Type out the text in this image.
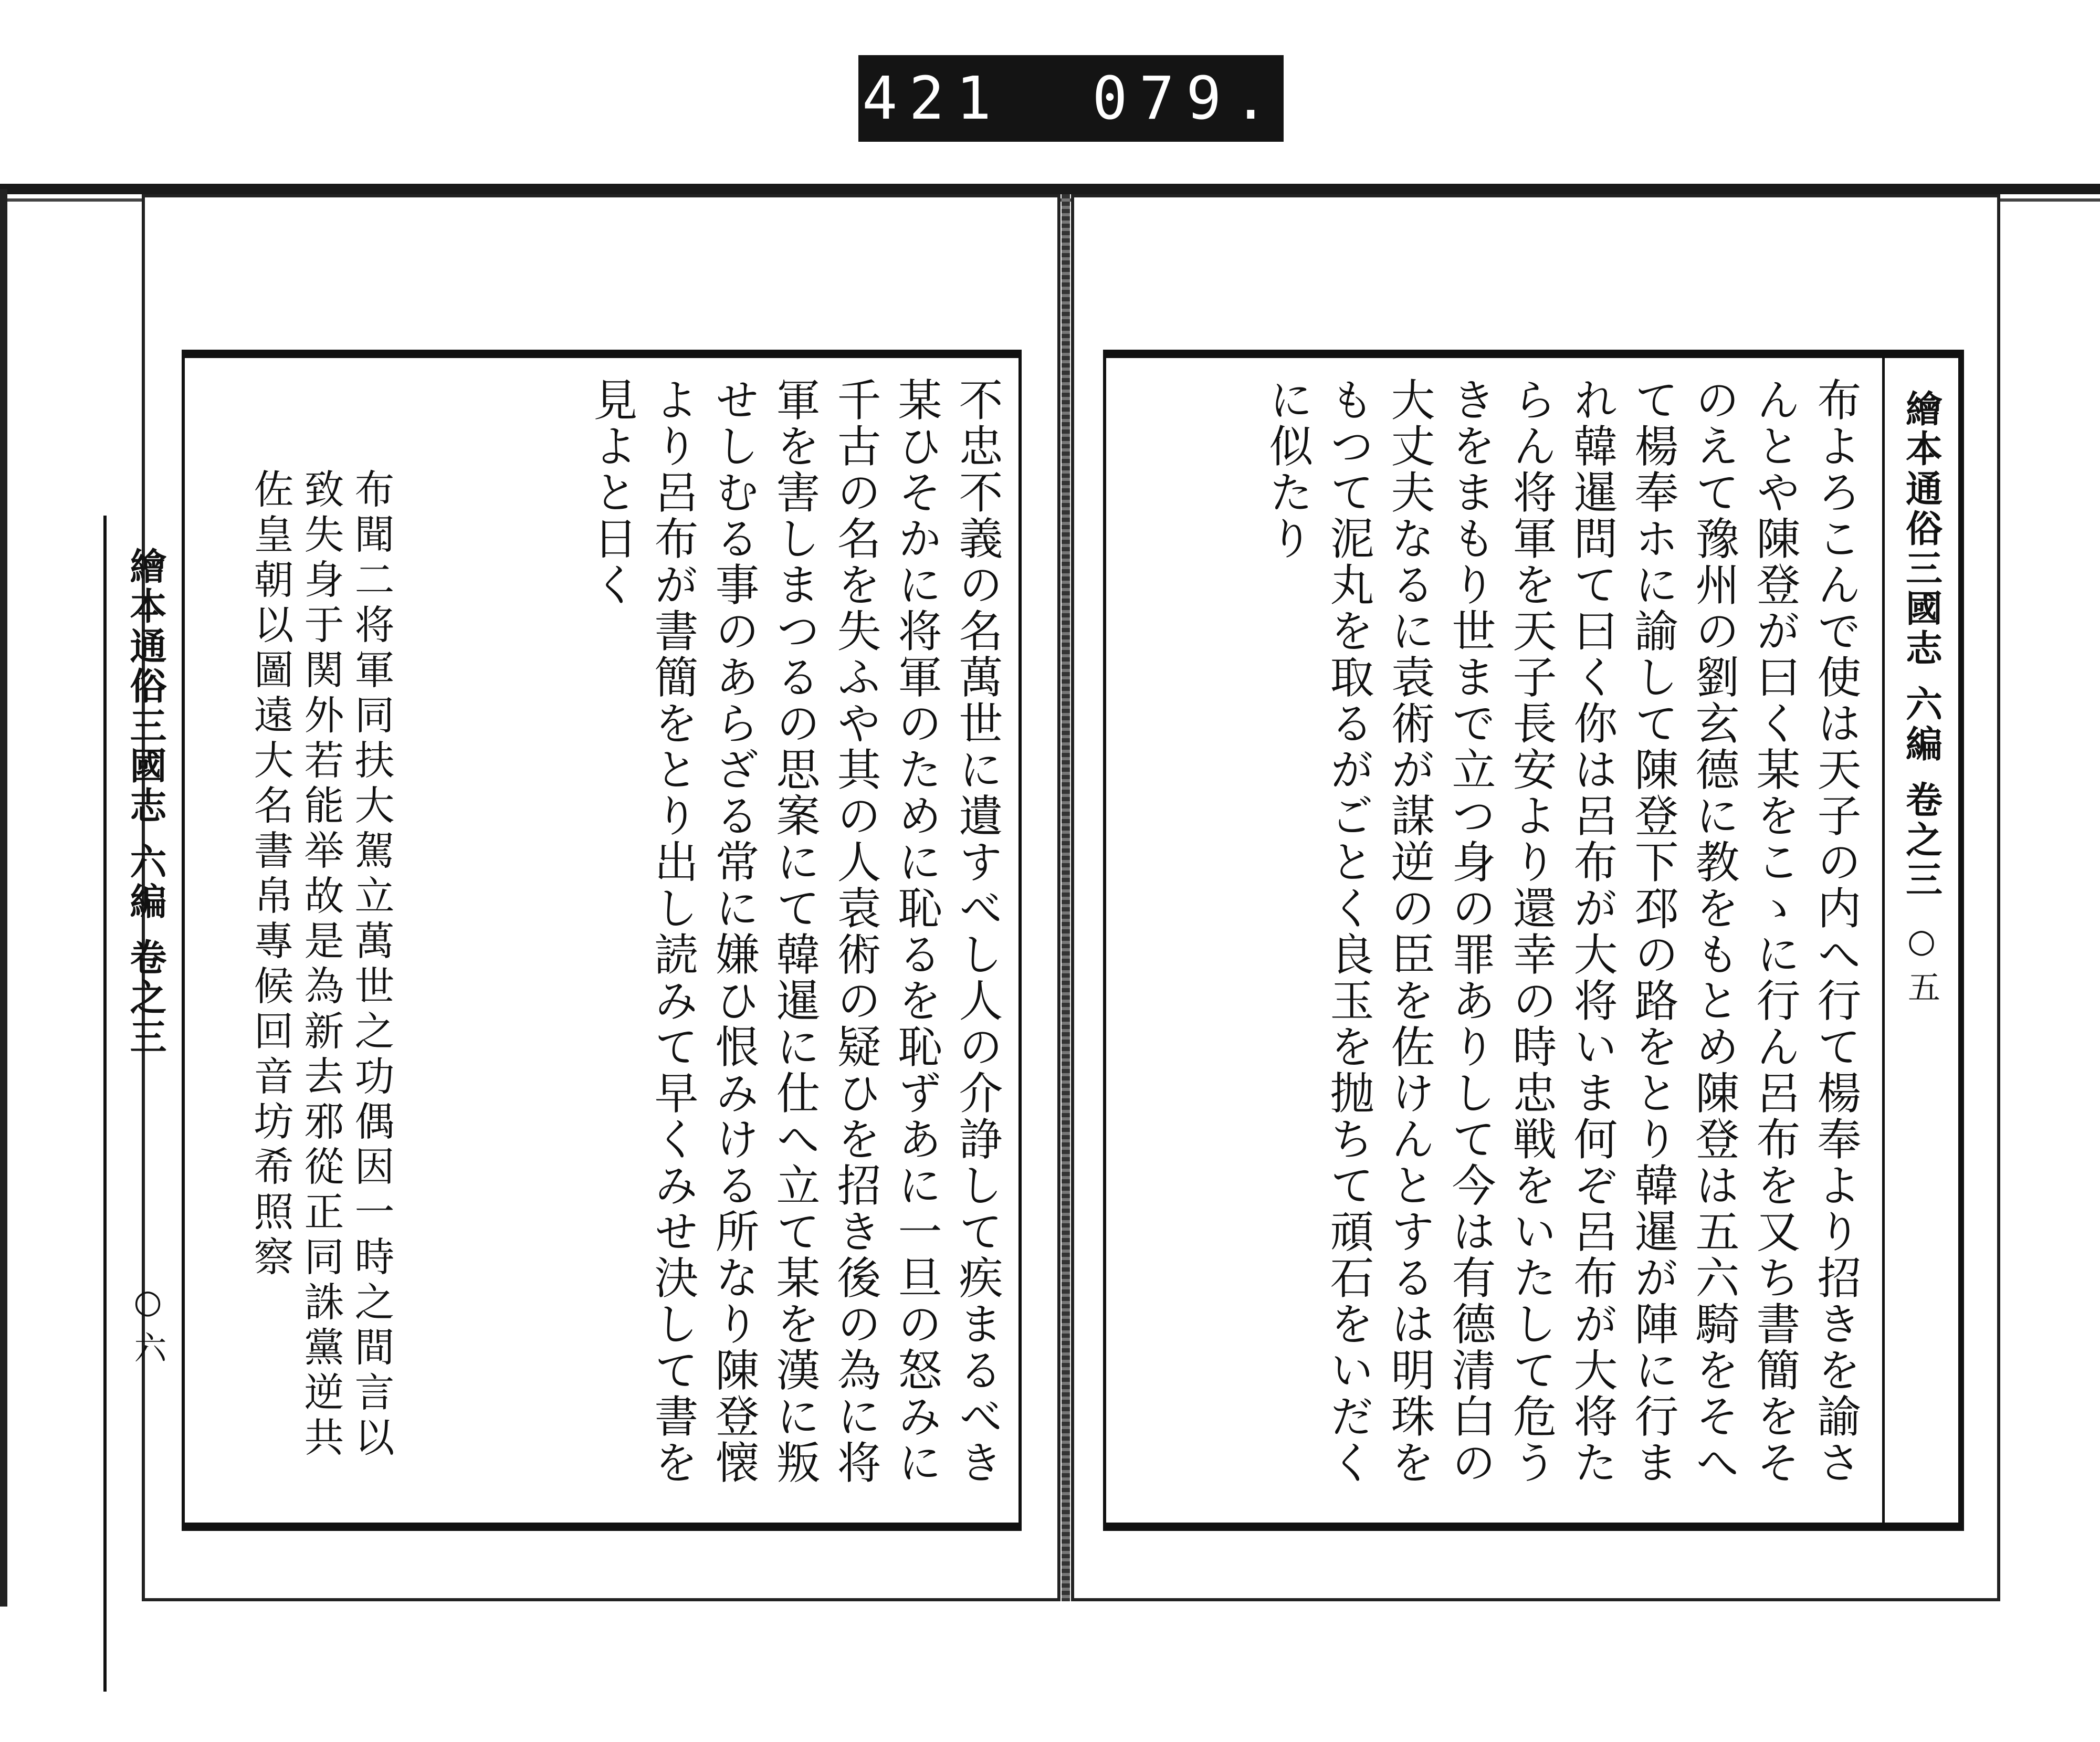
421 079.
繪本通俗三國志 六編 卷之三
○ 六	不忠不義の名萬世に遺すべし人の介諍して疾まるべき某ひそかに将軍のために恥るを恥ずあに一旦の怒みに千古の名を失ふや其の人袁術の疑ひを招き後の為に将軍を害しまつるの思案にて韓暹に仕へ立て某を漢に叛せしむる事のあらざる常に嫌ひ恨みける所なり陳登懐より呂布が書簡をとり出し読みて早くみせ決して書を見よと日く
布聞二将軍同扶大駕立萬世之功偶因一時之間言以致失身于関外若能举故是為新去邪從正同誅黨逆共佐皇朝以圖遠大名書帛專候回音坊希照察	布よろこんで使は天子の内へ行て楊奉より招きを諭さんとや陳登が曰く某をこゝに行ん呂布を又ち書簡をそのえて豫州の劉玄德に教をもとめ陳登は五六騎をそへて楊奉ホに諭して陳登下邳の路をとり韓暹が陣に行まれ韓暹問て曰く你は呂布が大将いま何ぞ呂布が大将たらん将軍を天子長安より還幸の時忠戦をいたして危うきをまもり世まで立つ身の罪ありして今は有德清白の大丈夫なるに袁術が謀逆の臣を佐けんとするは明珠をもつて泥丸を取るがごとく良玉を抛ちて頑石をいだくに似たり	繪本通俗三國志 六編 卷之三
○ 五
